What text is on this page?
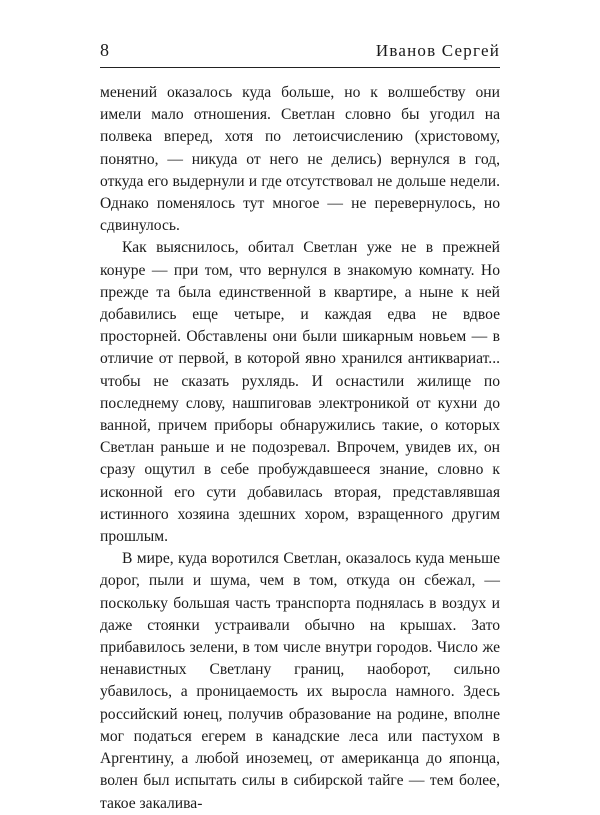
8	Иванов Сергей

менений оказалось куда больше, но к волшебству они имели мало отношения. Светлан словно бы угодил на полвека вперед, хотя по летоисчислению (христовому, понятно, — никуда от него не делись) вернулся в год, откуда его выдернули и где отсутствовал не дольше недели. Однако поменялось тут многое — не перевернулось, но сдвинулось.

Как выяснилось, обитал Светлан уже не в прежней конуре — при том, что вернулся в знакомую комнату. Но прежде та была единственной в квартире, а ныне к ней добавились еще четыре, и каждая едва не вдвое просторней. Обставлены они были шикарным новьем — в отличие от первой, в которой явно хранился антиквариат... чтобы не сказать рухлядь. И оснастили жилище по последнему слову, нашпиговав электроникой от кухни до ванной, причем приборы обнаружились такие, о которых Светлан раньше и не подозревал. Впрочем, увидев их, он сразу ощутил в себе пробуждавшееся знание, словно к исконной его сути добавилась вторая, представлявшая истинного хозяина здешних хором, взращенного другим прошлым.

В мире, куда воротился Светлан, оказалось куда меньше дорог, пыли и шума, чем в том, откуда он сбежал, — поскольку большая часть транспорта поднялась в воздух и даже стоянки устраивали обычно на крышах. Зато прибавилось зелени, в том числе внутри городов. Число же ненавистных Светлану границ, наоборот, сильно убавилось, а проницаемость их выросла намного. Здесь российский юнец, получив образование на родине, вполне мог податься егерем в канадские леса или пастухом в Аргентину, а любой иноземец, от американца до японца, волен был испытать силы в сибирской тайге — тем более, такое закалива-
